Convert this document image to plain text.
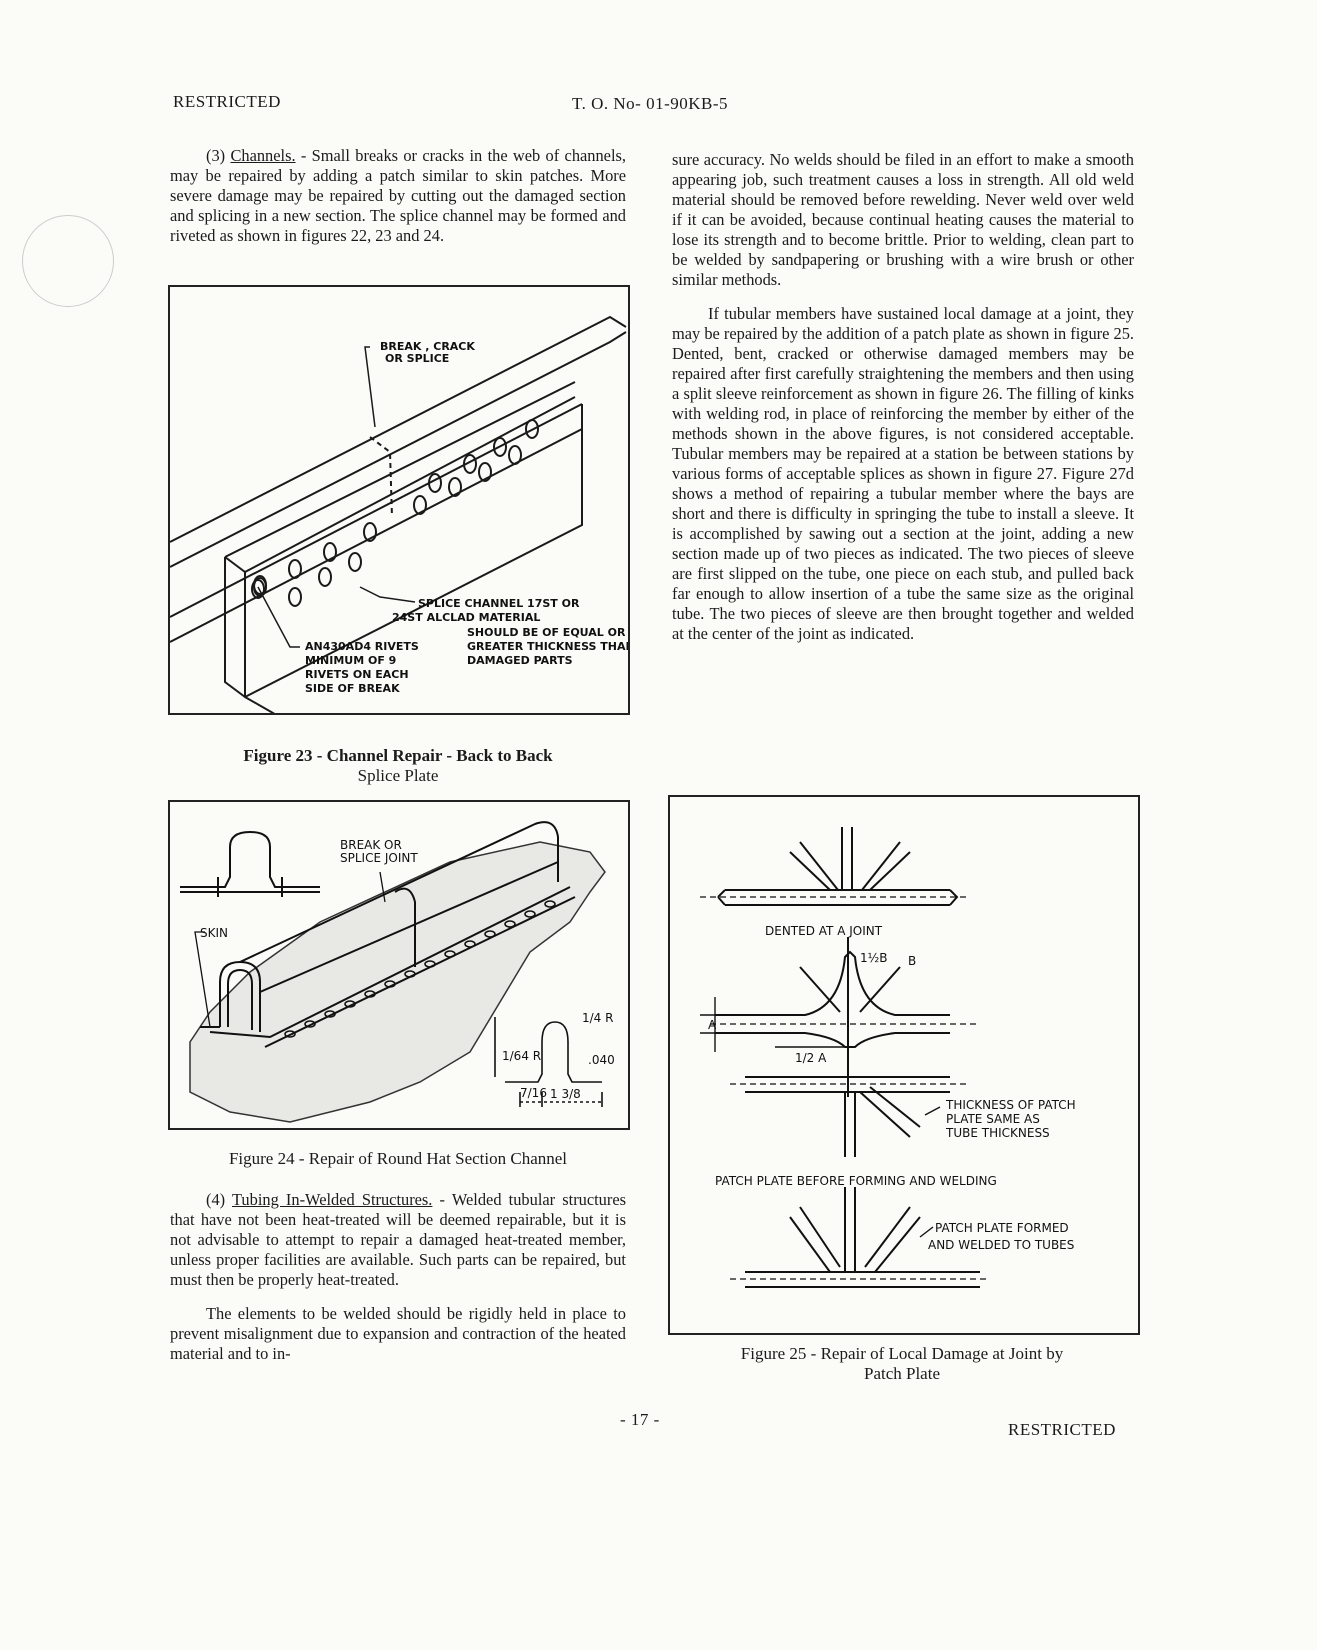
RESTRICTED	T. O. No- 01-90KB-5

(3) Channels. - Small breaks or cracks in the web of channels, may be repaired by adding a patch similar to skin patches. More severe damage may be repaired by cutting out the damaged section and splicing in a new section. The splice channel may be formed and riveted as shown in figures 22, 23 and 24.

BREAK , CRACK
OR SPLICE
SPLICE CHANNEL 17ST OR
24ST ALCLAD MATERIAL
SHOULD BE OF EQUAL OR
GREATER THICKNESS THAN
DAMAGED PARTS
AN430AD4 RIVETS
MINIMUM OF 9
RIVETS ON EACH
SIDE OF BREAK
Figure 23 - Channel Repair - Back to Back
Splice Plate
BREAK OR
SPLICE JOINT
SKIN
1/4 R
1/64 R	.040
7/16 1 3/8
Figure 24 - Repair of Round Hat Section Channel

(4) Tubing In-Welded Structures. - Welded tubular structures that have not been heat-treated will be deemed repairable, but it is not advisable to attempt to repair a damaged heat-treated member, unless proper facilities are available. Such parts can be repaired, but must then be properly heat-treated.

The elements to be welded should be rigidly held in place to prevent misalignment due to expansion and contraction of the heated material and to in-

sure accuracy. No welds should be filed in an effort to make a smooth appearing job, such treatment causes a loss in strength. All old weld material should be removed before rewelding. Never weld over weld if it can be avoided, because continual heating causes the material to lose its strength and to become brittle. Prior to welding, clean part to be welded by sandpapering or brushing with a wire brush or other similar methods.

If tubular members have sustained local damage at a joint, they may be repaired by the addition of a patch plate as shown in figure 25. Dented, bent, cracked or otherwise damaged members may be repaired after first carefully straightening the members and then using a split sleeve reinforcement as shown in figure 26. The filling of kinks with welding rod, in place of reinforcing the member by either of the methods shown in the above figures, is not considered acceptable. Tubular members may be repaired at a station be between stations by various forms of acceptable splices as shown in figure 27. Figure 27d shows a method of repairing a tubular member where the bays are short and there is difficulty in springing the tube to install a sleeve. It is accomplished by sawing out a section at the joint, adding a new section made up of two pieces as indicated. The two pieces of sleeve are first slipped on the tube, one piece on each stub, and pulled back far enough to allow insertion of a tube the same size as the original tube. The two pieces of sleeve are then brought together and welded at the center of the joint as indicated.

DENTED AT A JOINT
1½B B
A
1/2 A
THICKNESS OF PATCH
PLATE SAME AS
TUBE THICKNESS
PATCH PLATE BEFORE FORMING AND WELDING
PATCH PLATE FORMED
AND WELDED TO TUBES
Figure 25 - Repair of Local Damage at Joint by
Patch Plate
- 17 -
RESTRICTED
